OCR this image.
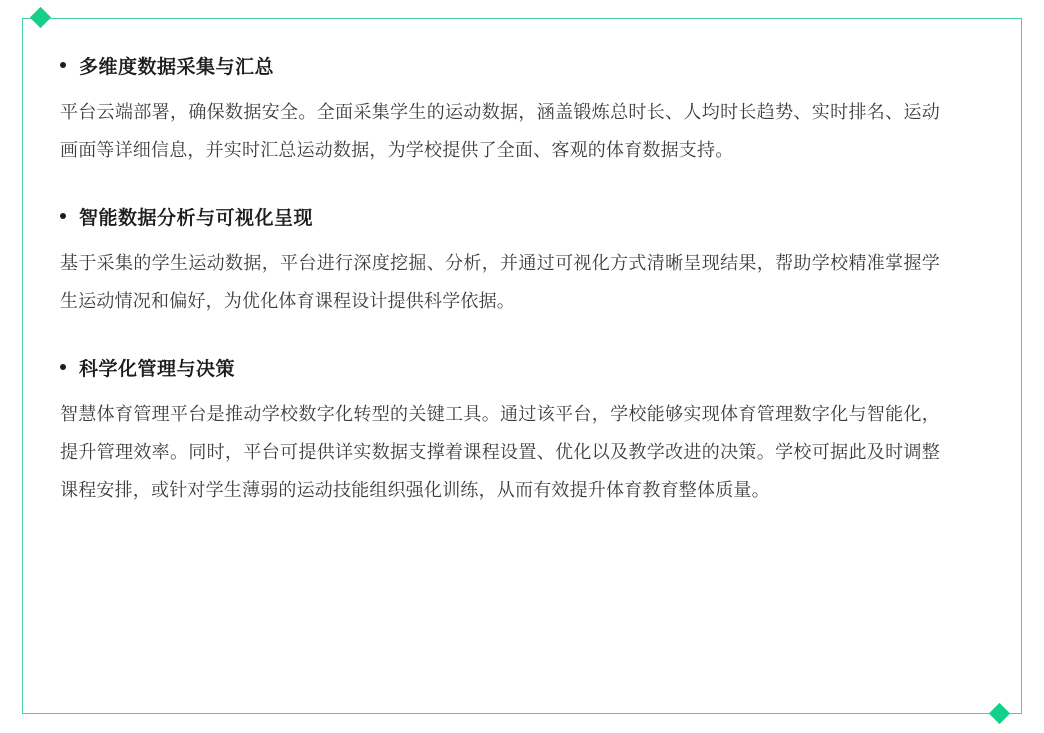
多维度数据采集与汇总
平台云端部署，确保数据安全。全面采集学生的运动数据，涵盖锻炼总时长、人均时长趋势、实时排名、运动画面等详细信息，并实时汇总运动数据，为学校提供了全面、客观的体育数据支持。
智能数据分析与可视化呈现
基于采集的学生运动数据，平台进行深度挖掘、分析，并通过可视化方式清晰呈现结果，帮助学校精准掌握学生运动情况和偏好，为优化体育课程设计提供科学依据。
科学化管理与决策
智慧体育管理平台是推动学校数字化转型的关键工具。通过该平台，学校能够实现体育管理数字化与智能化，提升管理效率。同时，平台可提供详实数据支撑着课程设置、优化以及教学改进的决策。学校可据此及时调整课程安排，或针对学生薄弱的运动技能组织强化训练，从而有效提升体育教育整体质量。
